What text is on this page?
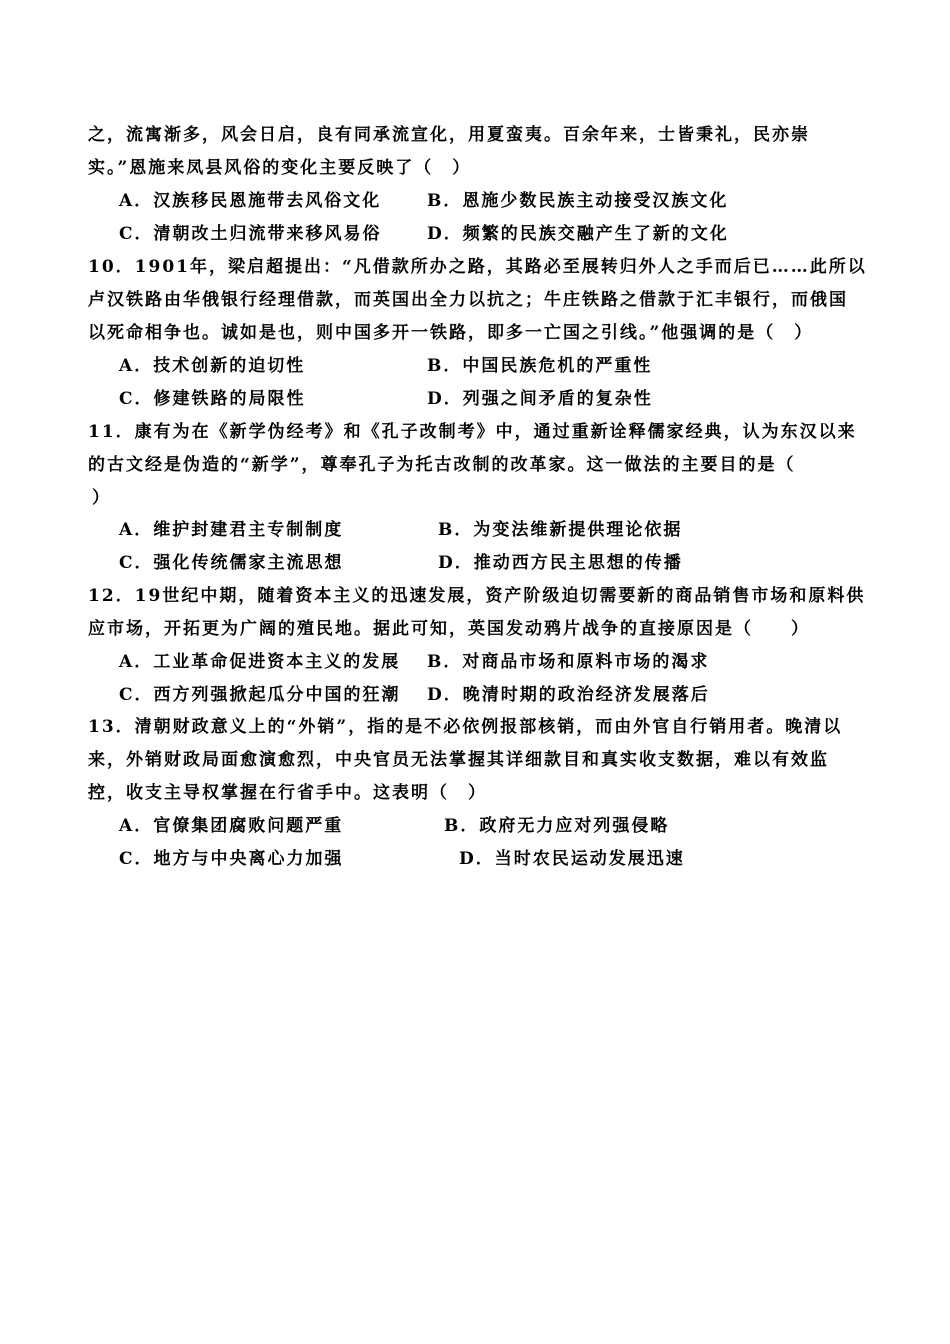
之，流寓渐多，风会日启，良有同承流宣化，用夏蛮夷。百余年来，士皆秉礼，民亦崇
实。”恩施来凤县风俗的变化主要反映了（　）
A．汉族移民恩施带去风俗文化	B．恩施少数民族主动接受汉族文化
C．清朝改土归流带来移风易俗	D．频繁的民族交融产生了新的文化
10．1901年，梁启超提出：“凡借款所办之路，其路必至展转归外人之手而后已……此所以
卢汉铁路由华俄银行经理借款，而英国出全力以抗之；牛庄铁路之借款于汇丰银行，而俄国
以死命相争也。诚如是也，则中国多开一铁路，即多一亡国之引线。”他强调的是（　）
A．技术创新的迫切性	B．中国民族危机的严重性
C．修建铁路的局限性	D．列强之间矛盾的复杂性
11．康有为在《新学伪经考》和《孔子改制考》中，通过重新诠释儒家经典，认为东汉以来
的古文经是伪造的“新学”，尊奉孔子为托古改制的改革家。这一做法的主要目的是（
）
A．维护封建君主专制制度	B．为变法维新提供理论依据
C．强化传统儒家主流思想	D．推动西方民主思想的传播
12．19世纪中期，随着资本主义的迅速发展，资产阶级迫切需要新的商品销售市场和原料供
应市场，开拓更为广阔的殖民地。据此可知，英国发动鸦片战争的直接原因是（　　）
A．工业革命促进资本主义的发展 B．对商品市场和原料市场的渴求
C．西方列强掀起瓜分中国的狂潮 D．晚清时期的政治经济发展落后
13．清朝财政意义上的“外销”，指的是不必依例报部核销，而由外官自行销用者。晚清以
来，外销财政局面愈演愈烈，中央官员无法掌握其详细款目和真实收支数据，难以有效监
控，收支主导权掌握在行省手中。这表明（　）
A．官僚集团腐败问题严重	B．政府无力应对列强侵略
C．地方与中央离心力加强	D．当时农民运动发展迅速
